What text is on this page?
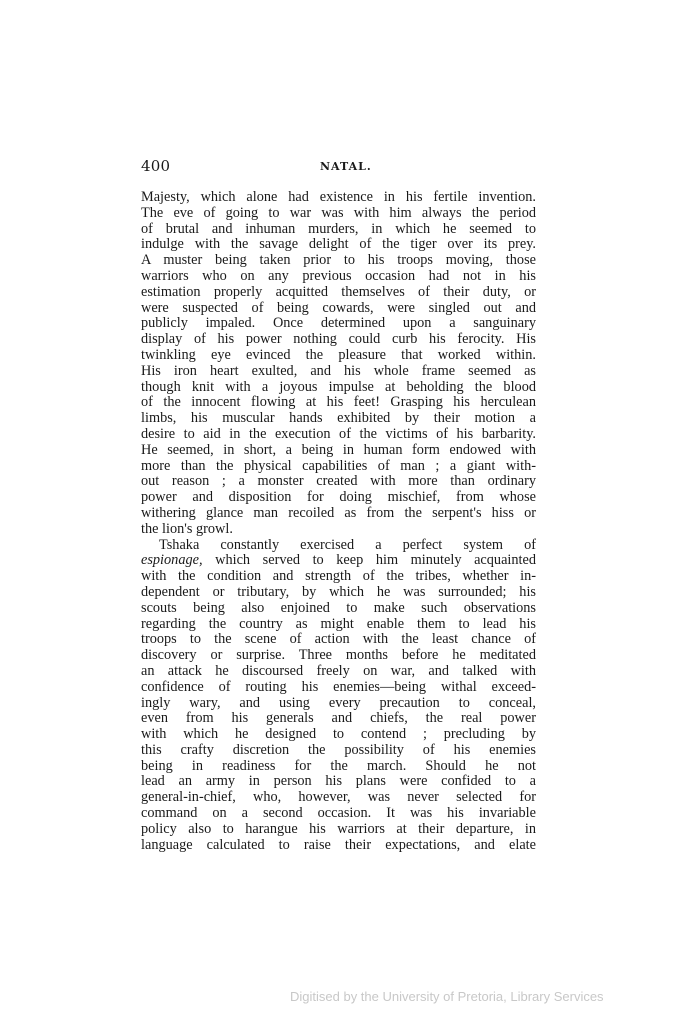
400	NATAL.
Majesty, which alone had existence in his fertile invention.
The eve of going to war was with him always the period
of brutal and inhuman murders, in which he seemed to
indulge with the savage delight of the tiger over its prey.
A muster being taken prior to his troops moving, those
warriors who on any previous occasion had not in his
estimation properly acquitted themselves of their duty, or
were suspected of being cowards, were singled out and
publicly impaled. Once determined upon a sanguinary
display of his power nothing could curb his ferocity. His
twinkling eye evinced the pleasure that worked within.
His iron heart exulted, and his whole frame seemed as
though knit with a joyous impulse at beholding the blood
of the innocent flowing at his feet! Grasping his herculean
limbs, his muscular hands exhibited by their motion a
desire to aid in the execution of the victims of his barbarity.
He seemed, in short, a being in human form endowed with
more than the physical capabilities of man ; a giant with-
out reason ; a monster created with more than ordinary
power and disposition for doing mischief, from whose
withering glance man recoiled as from the serpent's hiss or
the lion's growl.
Tshaka constantly exercised a perfect system of
espionage, which served to keep him minutely acquainted
with the condition and strength of the tribes, whether in-
dependent or tributary, by which he was surrounded; his
scouts being also enjoined to make such observations
regarding the country as might enable them to lead his
troops to the scene of action with the least chance of
discovery or surprise. Three months before he meditated
an attack he discoursed freely on war, and talked with
confidence of routing his enemies—being withal exceed-
ingly wary, and using every precaution to conceal,
even from his generals and chiefs, the real power
with which he designed to contend ; precluding by
this crafty discretion the possibility of his enemies
being in readiness for the march. Should he not
lead an army in person his plans were confided to a
general-in-chief, who, however, was never selected for
command on a second occasion. It was his invariable
policy also to harangue his warriors at their departure, in
language calculated to raise their expectations, and elate
Digitised by the University of Pretoria, Library Services
